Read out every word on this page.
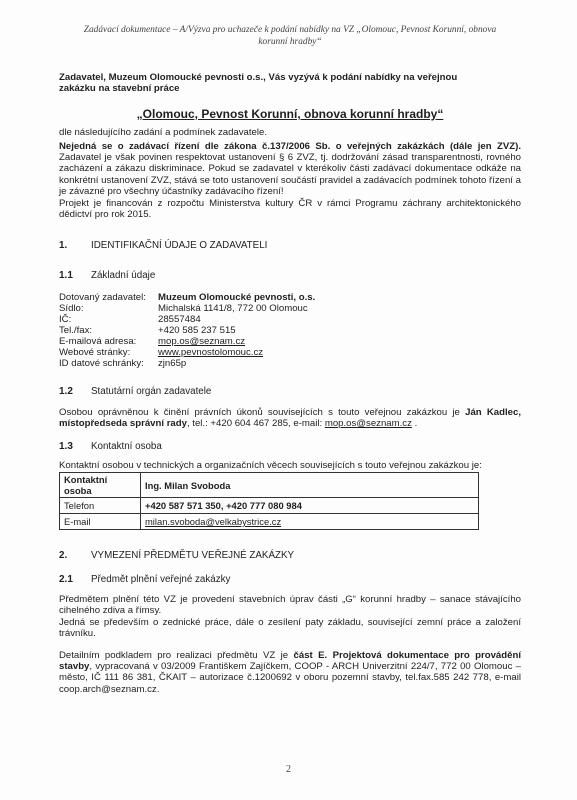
Zadávací dokumentace – A/Výzva pro uchazeče k podání nabídky na VZ „Olomouc, Pevnost Korunní, obnova
korunní hradby“
Zadavatel, Muzeum Olomoucké pevnosti o.s., Vás vyzývá k podání nabídky na veřejnou
zakázku na stavební práce
„Olomouc, Pevnost Korunní, obnova korunní hradby“
dle následujícího zadání a podmínek zadavatele.
Nejedná se o zadávací řízení dle zákona č.137/2006 Sb. o veřejných zakázkách (dále jen ZVZ). Zadavatel je však povinen respektovat ustanovení § 6 ZVZ, tj. dodržování zásad transparentnosti, rovného zacházení a zákazu diskriminace. Pokud se zadavatel v kterékoliv části zadávací dokumentace odkáže na konkrétní ustanovení ZVZ, stává se toto ustanovení součástí pravidel a zadávacích podmínek tohoto řízení a je závazné pro všechny účastníky zadávacího řízení!
Projekt je financován z rozpočtu Ministerstva kultury ČR v rámci Programu záchrany architektonického dědictví pro rok 2015.
1. IDENTIFIKAČNÍ ÚDAJE O ZADAVATELI
1.1 Základní údaje
Dotovaný zadavatel:	Muzeum Olomoucké pevnosti, o.s.
Sídlo:	Michalská 1141/8, 772 00 Olomouc
IČ:	28557484
Tel./fax:	+420 585 237 515
E-mailová adresa:	mop.os@seznam.cz
Webové stránky:	www.pevnostolomouc.cz
ID datové schránky:	zjn65p
1.2 Statutární orgán zadavatele
Osobou oprávněnou k činění právních úkonů souvisejících s touto veřejnou zakázkou je Ján Kadlec, místopředseda správní rady, tel.: +420 604 467 285, e-mail: mop.os@seznam.cz .
1.3 Kontaktní osoba
Kontaktní osobou v technických a organizačních věcech souvisejících s touto veřejnou zakázkou je:
Kontaktní osoba	Ing. Milan Svoboda
Telefon	+420 587 571 350, +420 777 080 984
E-mail	milan.svoboda@velkabystrice.cz
2. VYMEZENÍ PŘEDMĚTU VEŘEJNÉ ZAKÁZKY
2.1 Předmět plnění veřejné zakázky
Předmětem plnění této VZ je provedení stavebních úprav části „G“ korunní hradby – sanace stávajícího cihelného zdiva a římsy.
Jedná se především o zednické práce, dále o zesílení paty základu, související zemní práce a založení trávníku.
Detailním podkladem pro realizaci předmětu VZ je část E. Projektová dokumentace pro provádění stavby, vypracovaná v 03/2009 Františkem Zajíčkem, COOP - ARCH Univerzitní 224/7, 772 00 Olomouc – město, IČ 111 86 381, ČKAIT – autorizace č.1200692 v oboru pozemní stavby, tel.fax.585 242 778, e-mail coop.arch@seznam.cz.
2
